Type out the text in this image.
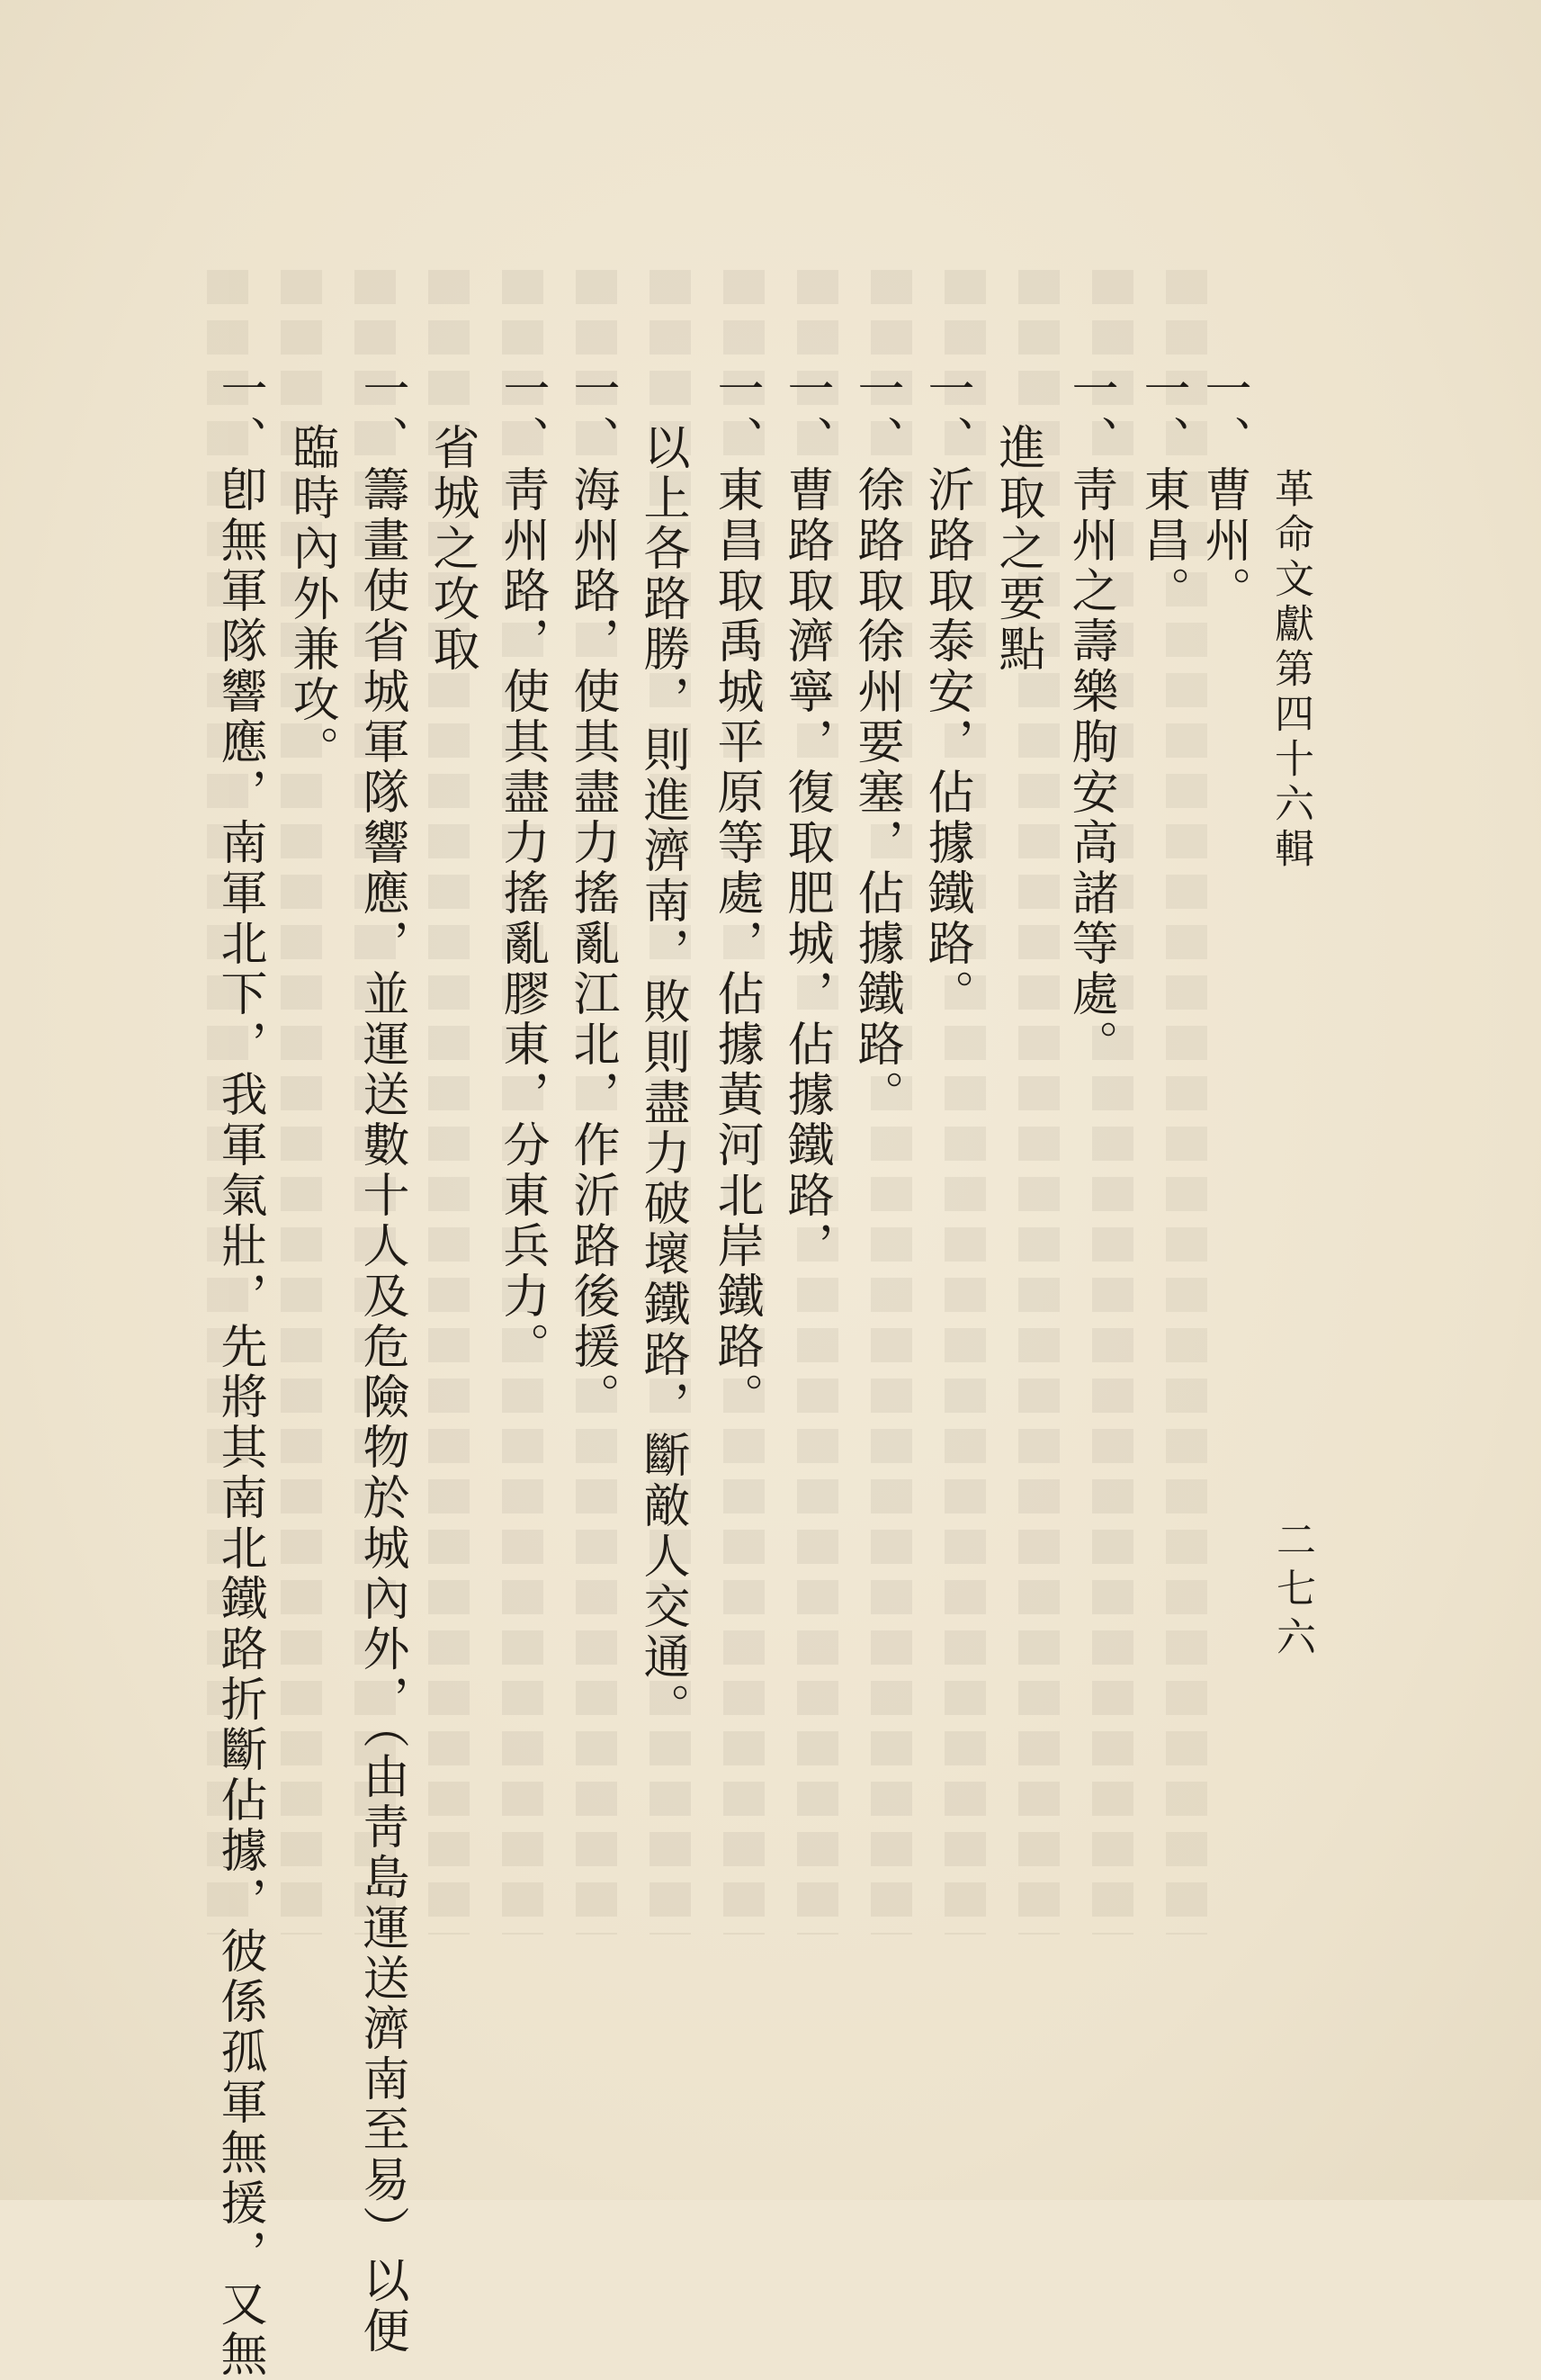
革命文獻第四十六輯
二七六
一、曹州。
一、東昌。
一、靑州之壽樂朐安高諸等處。
進取之要點
一、沂路取泰安，佔據鐵路。
一、徐路取徐州要塞，佔據鐵路。
一、曹路取濟寧，復取肥城，佔據鐵路，
一、東昌取禹城平原等處，佔據黃河北岸鐵路。
以上各路勝，則進濟南，敗則盡力破壞鐵路，斷敵人交通。
一、海州路，使其盡力搖亂江北，作沂路後援。
一、靑州路，使其盡力搖亂膠東，分東兵力。
省城之攻取
一、籌畫使省城軍隊響應，並運送數十人及危險物於城內外，（由靑島運送濟南至易）以便
臨時內外兼攻。
一、卽無軍隊響應，南軍北下，我軍氣壯，先將其南北鐵路折斷佔據，彼係孤軍無援，又無
